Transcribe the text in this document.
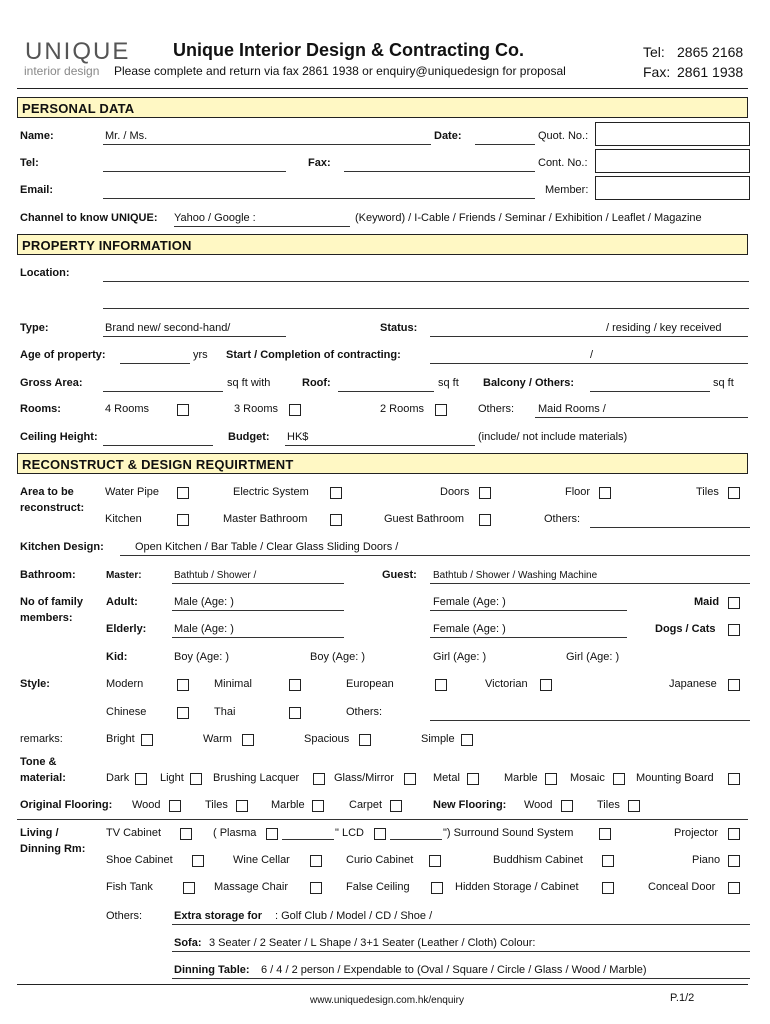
UNIQUE
interior design
Unique Interior Design & Contracting Co.
Please complete and return via fax 2861 1938 or enquiry@uniquedesign for proposal
Tel: 2865 2168
Fax: 2861 1938
PERSONAL DATA
Name:	Mr. / Ms.	Date:	Quot. No.:
Tel:	Fax:	Cont. No.:
Email:	Member:
Channel to know UNIQUE: Yahoo / Google :	(Keyword) / I-Cable / Friends / Seminar / Exhibition / Leaflet / Magazine
PROPERTY INFORMATION
Location:
Type:	Brand new/ second-hand/	Status:	/ residing / key received
Age of property:	yrs Start / Completion of contracting:	/
Gross Area:	sq ft with	Roof:	sq ft Balcony / Others:	sq ft
Rooms:	4 Rooms	3 Rooms	2 Rooms	Others: Maid Rooms /
Ceiling Height:	Budget: HK$	(include/ not include materials)
RECONSTRUCT & DESIGN REQUIRTMENT
Area to be
reconstruct:
Water Pipe	Electric System	Doors	Floor	Tiles
Kitchen	Master Bathroom	Guest Bathroom	Others:
Kitchen Design:	Open Kitchen / Bar Table / Clear Glass Sliding Doors /
Bathroom:	Master:	Bathtub / Shower /	Guest: Bathtub / Shower / Washing Machine
No of family
members:
Adult:	Male (Age: )	Female (Age: )	Maid
Elderly:	Male (Age: )	Female (Age: )	Dogs / Cats
Kid:	Boy (Age: )	Boy (Age: )	Girl (Age: )	Girl (Age: )
Style:	Modern	Minimal	European	Victorian	Japanese
Chinese	Thai	Others:
remarks:	Bright	Warm	Spacious	Simple
Tone &
material:	Dark	Light	Brushing Lacquer	Glass/Mirror	Metal	Marble	Mosaic	Mounting Board
Original Flooring: Wood	Tiles	Marble	Carpet	New Flooring: Wood	Tiles
Living /
Dinning Rm:
TV Cabinet	( Plasma	" LCD	") Surround Sound System	Projector
Shoe Cabinet	Wine Cellar	Curio Cabinet	Buddhism Cabinet	Piano
Fish Tank	Massage Chair	False Ceiling	Hidden Storage / Cabinet	Conceal Door
Others:	Extra storage for : Golf Club / Model / CD / Shoe /
Sofa: 3 Seater / 2 Seater / L Shape / 3+1 Seater (Leather / Cloth) Colour:
Dinning Table: 6 / 4 / 2 person / Expendable to (Oval / Square / Circle / Glass / Wood / Marble)
www.uniquedesign.com.hk/enquiry	P.1/2
